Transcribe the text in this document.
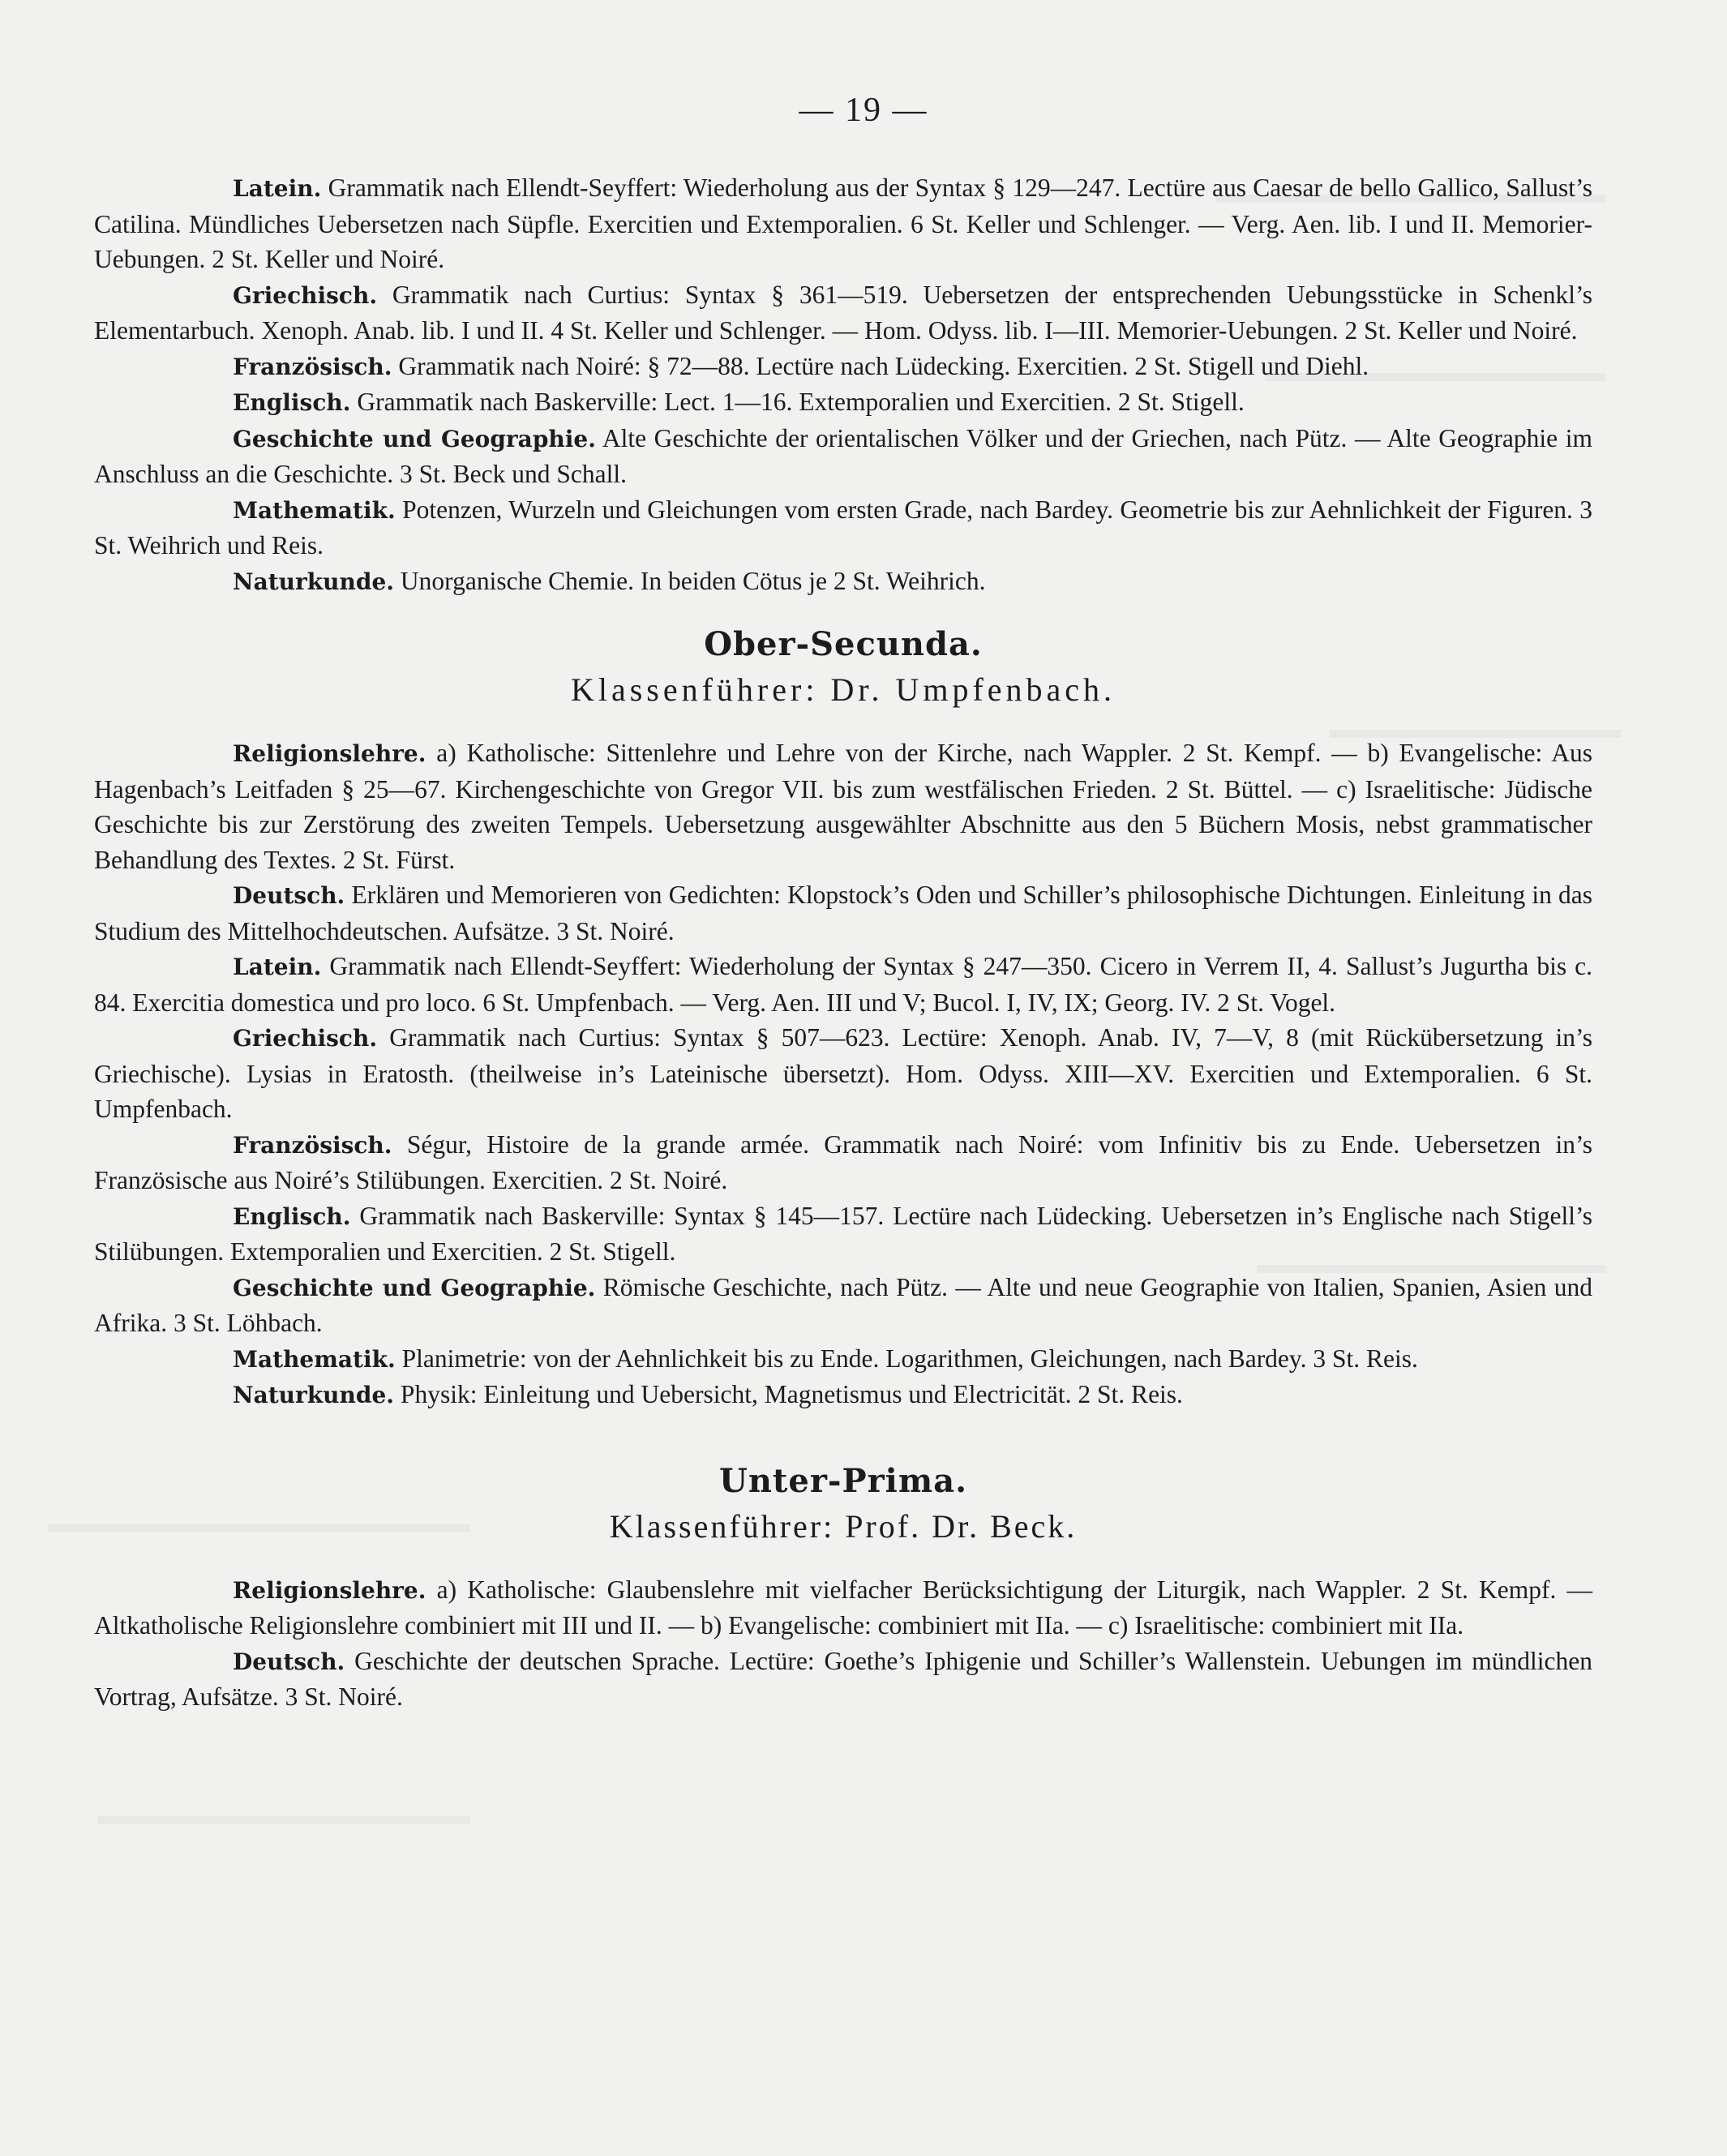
— 19 —

Latein. Grammatik nach Ellendt-Seyffert: Wiederholung aus der Syntax § 129—247. Lectüre aus Caesar de bello Gallico, Sallust’s Catilina. Mündliches Uebersetzen nach Süpfle. Exercitien und Extemporalien. 6 St. Keller und Schlenger. — Verg. Aen. lib. I und II. Memorier-Uebungen. 2 St. Keller und Noiré.

Griechisch. Grammatik nach Curtius: Syntax § 361—519. Uebersetzen der entsprechenden Uebungsstücke in Schenkl’s Elementarbuch. Xenoph. Anab. lib. I und II. 4 St. Keller und Schlenger. — Hom. Odyss. lib. I—III. Memorier-Uebungen. 2 St. Keller und Noiré.

Französisch. Grammatik nach Noiré: § 72—88. Lectüre nach Lüdecking. Exercitien. 2 St. Stigell und Diehl.

Englisch. Grammatik nach Baskerville: Lect. 1—16. Extemporalien und Exercitien. 2 St. Stigell.

Geschichte und Geographie. Alte Geschichte der orientalischen Völker und der Griechen, nach Pütz. — Alte Geographie im Anschluss an die Geschichte. 3 St. Beck und Schall.

Mathematik. Potenzen, Wurzeln und Gleichungen vom ersten Grade, nach Bardey. Geometrie bis zur Aehnlichkeit der Figuren. 3 St. Weihrich und Reis.

Naturkunde. Unorganische Chemie. In beiden Cötus je 2 St. Weihrich.

Ober-Secunda.
Klassenführer: Dr. Umpfenbach.

Religionslehre. a) Katholische: Sittenlehre und Lehre von der Kirche, nach Wappler. 2 St. Kempf. — b) Evangelische: Aus Hagenbach’s Leitfaden § 25—67. Kirchengeschichte von Gregor VII. bis zum westfälischen Frieden. 2 St. Büttel. — c) Israelitische: Jüdische Geschichte bis zur Zerstörung des zweiten Tempels. Uebersetzung ausgewählter Abschnitte aus den 5 Büchern Mosis, nebst grammatischer Behandlung des Textes. 2 St. Fürst.

Deutsch. Erklären und Memorieren von Gedichten: Klopstock’s Oden und Schiller’s philosophische Dichtungen. Einleitung in das Studium des Mittelhochdeutschen. Aufsätze. 3 St. Noiré.

Latein. Grammatik nach Ellendt-Seyffert: Wiederholung der Syntax § 247—350. Cicero in Verrem II, 4. Sallust’s Jugurtha bis c. 84. Exercitia domestica und pro loco. 6 St. Umpfenbach. — Verg. Aen. III und V; Bucol. I, IV, IX; Georg. IV. 2 St. Vogel.

Griechisch. Grammatik nach Curtius: Syntax § 507—623. Lectüre: Xenoph. Anab. IV, 7—V, 8 (mit Rückübersetzung in’s Griechische). Lysias in Eratosth. (theilweise in’s Lateinische übersetzt). Hom. Odyss. XIII—XV. Exercitien und Extemporalien. 6 St. Umpfenbach.

Französisch. Ségur, Histoire de la grande armée. Grammatik nach Noiré: vom Infinitiv bis zu Ende. Uebersetzen in’s Französische aus Noiré’s Stilübungen. Exercitien. 2 St. Noiré.

Englisch. Grammatik nach Baskerville: Syntax § 145—157. Lectüre nach Lüdecking. Uebersetzen in’s Englische nach Stigell’s Stilübungen. Extemporalien und Exercitien. 2 St. Stigell.

Geschichte und Geographie. Römische Geschichte, nach Pütz. — Alte und neue Geographie von Italien, Spanien, Asien und Afrika. 3 St. Löhbach.

Mathematik. Planimetrie: von der Aehnlichkeit bis zu Ende. Logarithmen, Gleichungen, nach Bardey. 3 St. Reis.

Naturkunde. Physik: Einleitung und Uebersicht, Magnetismus und Electricität. 2 St. Reis.

Unter-Prima.
Klassenführer: Prof. Dr. Beck.

Religionslehre. a) Katholische: Glaubenslehre mit vielfacher Berücksichtigung der Liturgik, nach Wappler. 2 St. Kempf. — Altkatholische Religionslehre combiniert mit III und II. — b) Evangelische: combiniert mit IIa. — c) Israelitische: combiniert mit IIa.

Deutsch. Geschichte der deutschen Sprache. Lectüre: Goethe’s Iphigenie und Schiller’s Wallenstein. Uebungen im mündlichen Vortrag, Aufsätze. 3 St. Noiré.
